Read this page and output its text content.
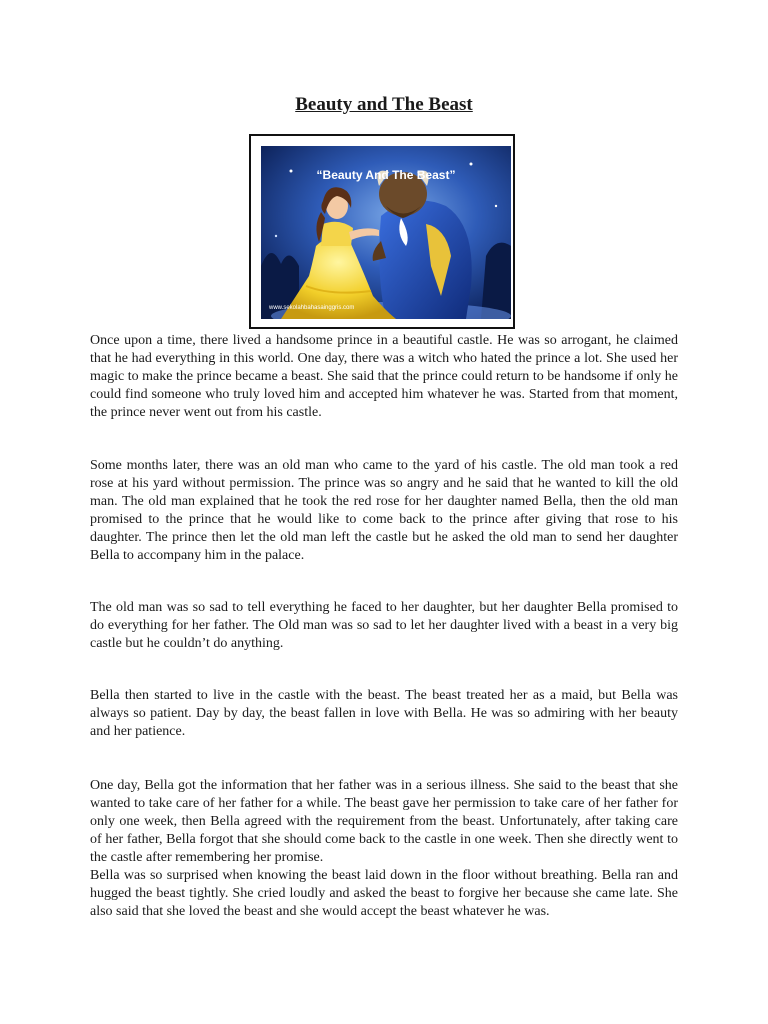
Beauty and The Beast
“Beauty And The Beast”
www.sekolahbahasainggris.com

Once upon a time, there lived a handsome prince in a beautiful castle. He was so arrogant, he claimed that he had everything in this world. One day, there was a witch who hated the prince a lot. She used her magic to make the prince became a beast. She said that the prince could return to be handsome if only he could find someone who truly loved him and accepted him whatever he was. Started from that moment, the prince never went out from his castle.

Some months later, there was an old man who came to the yard of his castle. The old man took a red rose at his yard without permission. The prince was so angry and he said that he wanted to kill the old man. The old man explained that he took the red rose for her daughter named Bella, then the old man promised to the prince that he would like to come back to the prince after giving that rose to his daughter. The prince then let the old man left the castle but he asked the old man to send her daughter Bella to accompany him in the palace.

The old man was so sad to tell everything he faced to her daughter, but her daughter Bella promised to do everything for her father. The Old man was so sad to let her daughter lived with a beast in a very big castle but he couldn’t do anything.

Bella then started to live in the castle with the beast. The beast treated her as a maid, but Bella was always so patient. Day by day, the beast fallen in love with Bella. He was so admiring with her beauty and her patience.

One day, Bella got the information that her father was in a serious illness. She said to the beast that she wanted to take care of her father for a while. The beast gave her permission to take care of her father for only one week, then Bella agreed with the requirement from the beast. Unfortunately, after taking care of her father, Bella forgot that she should come back to the castle in one week. Then she directly went to the castle after remembering her promise.

Bella was so surprised when knowing the beast laid down in the floor without breathing. Bella ran and hugged the beast tightly. She cried loudly and asked the beast to forgive her because she came late. She also said that she loved the beast and she would accept the beast whatever he was.
